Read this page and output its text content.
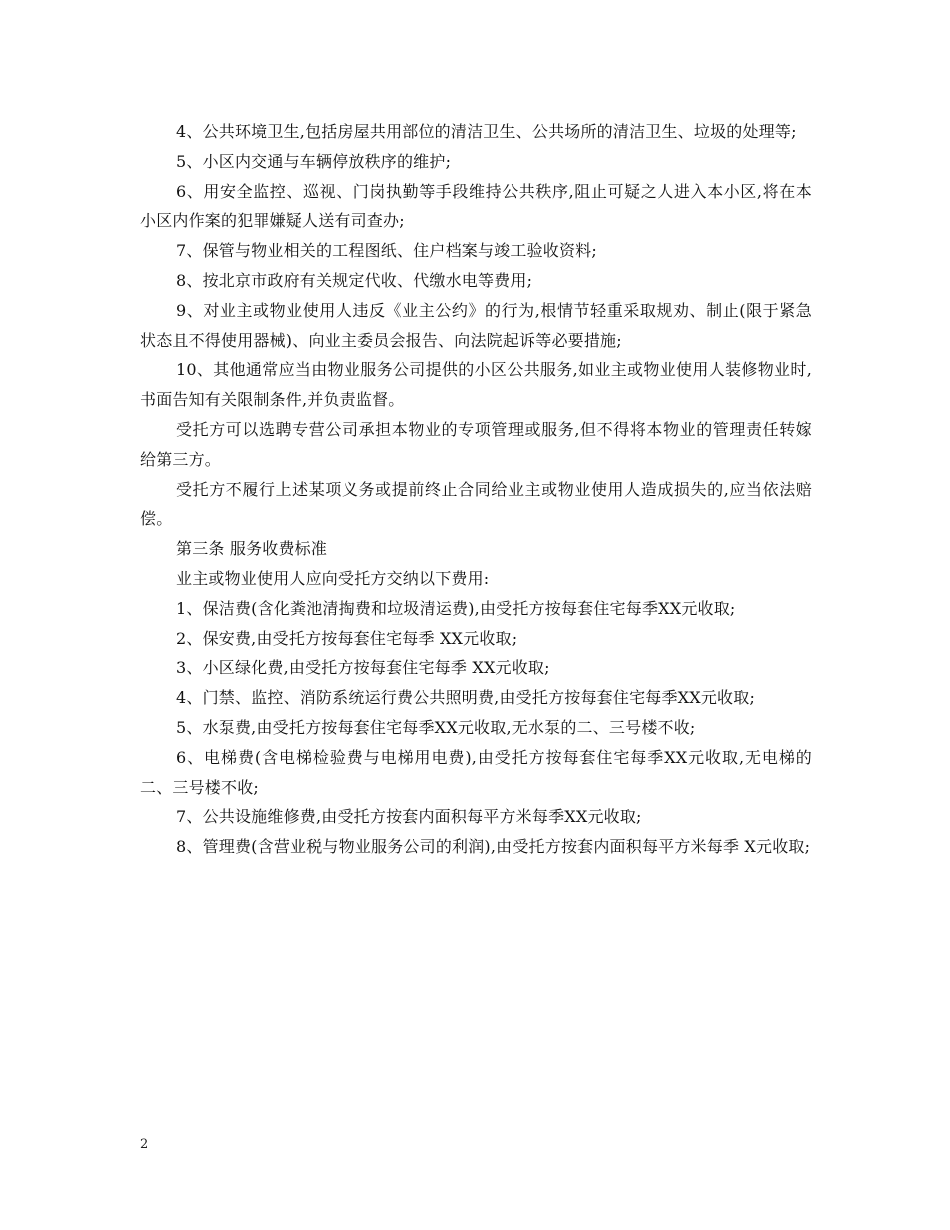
4、公共环境卫生,包括房屋共用部位的清洁卫生、公共场所的清洁卫生、垃圾的处理等;

5、小区内交通与车辆停放秩序的维护;

6、用安全监控、巡视、门岗执勤等手段维持公共秩序,阻止可疑之人进入本小区,将在本小区内作案的犯罪嫌疑人送有司查办;

7、保管与物业相关的工程图纸、住户档案与竣工验收资料;

8、按北京市政府有关规定代收、代缴水电等费用;

9、对业主或物业使用人违反《业主公约》的行为,根情节轻重采取规劝、制止(限于紧急状态且不得使用器械)、向业主委员会报告、向法院起诉等必要措施;

10、其他通常应当由物业服务公司提供的小区公共服务,如业主或物业使用人装修物业时,书面告知有关限制条件,并负责监督。

受托方可以选聘专营公司承担本物业的专项管理或服务,但不得将本物业的管理责任转嫁给第三方。

受托方不履行上述某项义务或提前终止合同给业主或物业使用人造成损失的,应当依法赔偿。

第三条 服务收费标准

业主或物业使用人应向受托方交纳以下费用:

1、保洁费(含化粪池清掏费和垃圾清运费),由受托方按每套住宅每季XX元收取;

2、保安费,由受托方按每套住宅每季 XX元收取;

3、小区绿化费,由受托方按每套住宅每季 XX元收取;

4、门禁、监控、消防系统运行费公共照明费,由受托方按每套住宅每季XX元收取;

5、水泵费,由受托方按每套住宅每季XX元收取,无水泵的二、三号楼不收;

6、电梯费(含电梯检验费与电梯用电费),由受托方按每套住宅每季XX元收取,无电梯的二、三号楼不收;

7、公共设施维修费,由受托方按套内面积每平方米每季XX元收取;

8、管理费(含营业税与物业服务公司的利润),由受托方按套内面积每平方米每季 X元收取;

2
